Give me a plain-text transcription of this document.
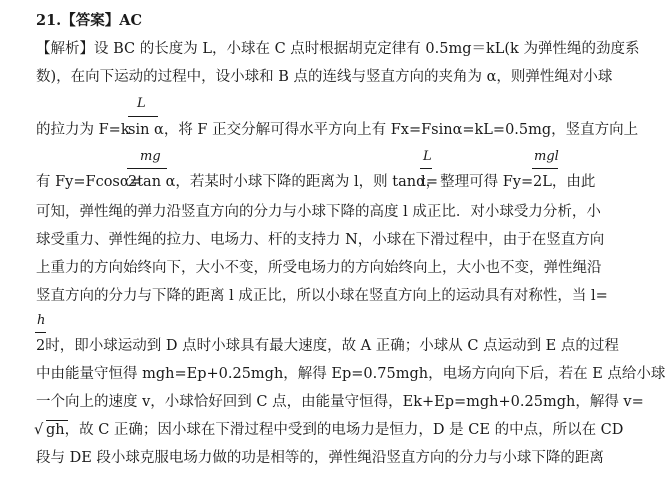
21.【答案】AC
【解析】设 BC 的长度为 L，小球在 C 点时根据胡克定律有 0.5mg＝kL(k 为弹性绳的劲度系
数)，在向下运动的过程中，设小球和 B 点的连线与竖直方向的夹角为 α，则弹性绳对小球
L
的拉力为 F=k
sin α，将 F 正交分解可得水平方向上有 Fx=Fsinα=kL=0.5mg，竖直方向上
mg	L	mgl
有 Fy=Fcosα=
2tan α，若某时小球下降的距离为 l，则 tanα=
l，整理可得 Fy= 2L，由此
可知，弹性绳的弹力沿竖直方向的分力与小球下降的高度 l 成正比．对小球受力分析，小
球受重力、弹性绳的拉力、电场力、杆的支持力 N，小球在下滑过程中，由于在竖直方向
上重力的方向始终向下，大小不变，所受电场力的方向始终向上，大小也不变，弹性绳沿
竖直方向的分力与下降的距离 l 成正比，所以小球在竖直方向上的运动具有对称性，当 l=
h
2时，即小球运动到 D 点时小球具有最大速度，故 A 正确；小球从 C 点运动到 E 点的过程
中由能量守恒得 mgh=Ep+0.25mgh，解得 Ep=0.75mgh，电场方向向下后，若在 E 点给小球
一个向上的速度 v，小球恰好回到 C 点，由能量守恒得，Ek+Ep=mgh+0.25mgh，解得 v=
√ gh，故 C 正确；因小球在下滑过程中受到的电场力是恒力，D 是 CE 的中点，所以在 CD
段与 DE 段小球克服电场力做的功是相等的，弹性绳沿竖直方向的分力与小球下降的距离
